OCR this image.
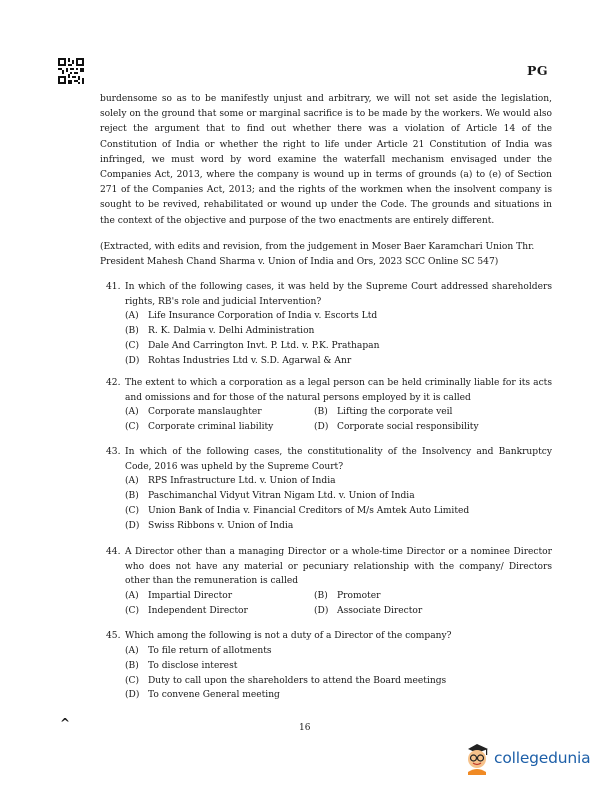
PG
burdensome so as to be manifestly unjust and arbitrary, we will not set aside the legislation, solely on the ground that some or marginal sacrifice is to be made by the workers. We would also reject the argument that to find out whether there was a violation of Article 14 of the Constitution of India or whether the right to life under Article 21 Constitution of India was infringed, we must word by word examine the waterfall mechanism envisaged under the Companies Act, 2013, where the company is wound up in terms of grounds (a) to (e) of Section 271 of the Companies Act, 2013; and the rights of the workmen when the insolvent company is sought to be revived, rehabilitated or wound up under the Code. The grounds and situations in the context of the objective and purpose of the two enactments are entirely different.
(Extracted, with edits and revision, from the judgement in Moser Baer Karamchari Union Thr. President Mahesh Chand Sharma v. Union of India and Ors, 2023 SCC Online SC 547)
41. In which of the following cases, it was held by the Supreme Court addressed shareholders rights, RB's role and judicial Intervention?
(A)	Life Insurance Corporation of India v. Escorts Ltd
(B)	R. K. Dalmia v. Delhi Administration
(C) Dale And Carrington Invt. P. Ltd. v. P.K. Prathapan
(D) Rohtas Industries Ltd v. S.D. Agarwal & Anr
42. The extent to which a corporation as a legal person can be held criminally liable for its acts and omissions and for those of the natural persons employed by it is called
(A)	Corporate manslaughter	(B)	Lifting the corporate veil
(C) Corporate criminal liability	(D) Corporate social responsibility
43. In which of the following cases, the constitutionality of the Insolvency and Bankruptcy Code, 2016 was upheld by the Supreme Court?
(A)	RPS Infrastructure Ltd. v. Union of India
(B)	Paschimanchal Vidyut Vitran Nigam Ltd. v. Union of India
(C) Union Bank of India v. Financial Creditors of M/s Amtek Auto Limited
(D) Swiss Ribbons v. Union of India
44. A Director other than a managing Director or a whole-time Director or a nominee Director who does not have any material or pecuniary relationship with the company/ Directors other than the remuneration is called
(A)	Impartial Director	(B)	Promoter
(C) Independent Director	(D) Associate Director
45. Which among the following is not a duty of a Director of the company?
(A)	To file return of allotments
(B)	To disclose interest
(C) Duty to call upon the shareholders to attend the Board meetings
(D) To convene General meeting
^	16
collegedunia
